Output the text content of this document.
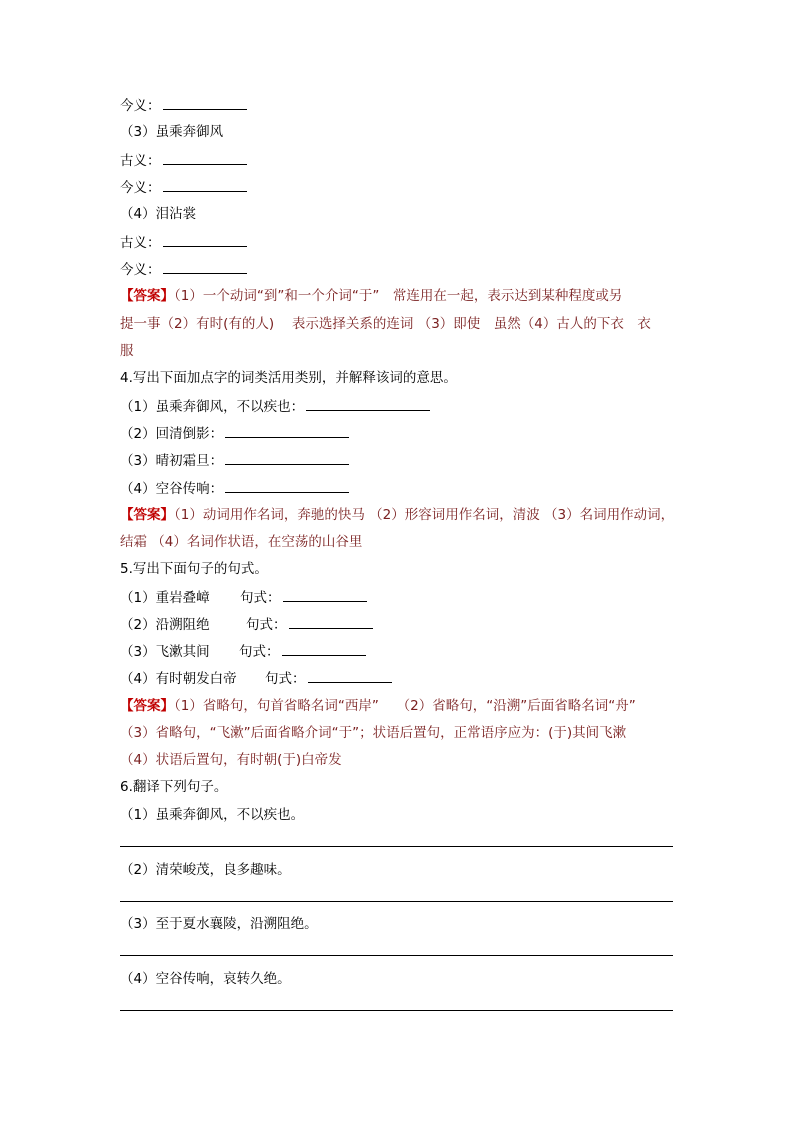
今义：
（3）虽乘奔御风
古义：
今义：
（4）泪沾裳
古义：
今义：
【答案】（1）一个动词“到”和一个介词“于”　常连用在一起，表示达到某种程度或另
提一事（2）有时(有的人)　 表示选择关系的连词 （3）即使　虽然（4）古人的下衣　衣
服
4.写出下面加点字的词类活用类别，并解释该词的意思。
（1）虽乘奔御风，不以疾也：
（2）回清倒影：
（3）晴初霜旦：
（4）空谷传响：
【答案】（1）动词用作名词，奔驰的快马 （2）形容词用作名词，清波 （3）名词用作动词，
结霜 （4）名词作状语，在空荡的山谷里
5.写出下面句子的句式。
（1）重岩叠嶂 句式：
（2）沿溯阻绝	句式：
（3）飞漱其间 句式：
（4）有时朝发白帝 句式：
【答案】（1）省略句，句首省略名词“西岸”　 （2）省略句，“沿溯”后面省略名词“舟”
（3）省略句，“飞漱”后面省略介词“于”；状语后置句，正常语序应为：(于)其间飞漱
（4）状语后置句，有时朝(于)白帝发
6.翻译下列句子。
（1）虽乘奔御风，不以疾也。
（2）清荣峻茂，良多趣味。
（3）至于夏水襄陵，沿溯阻绝。
（4）空谷传响，哀转久绝。
